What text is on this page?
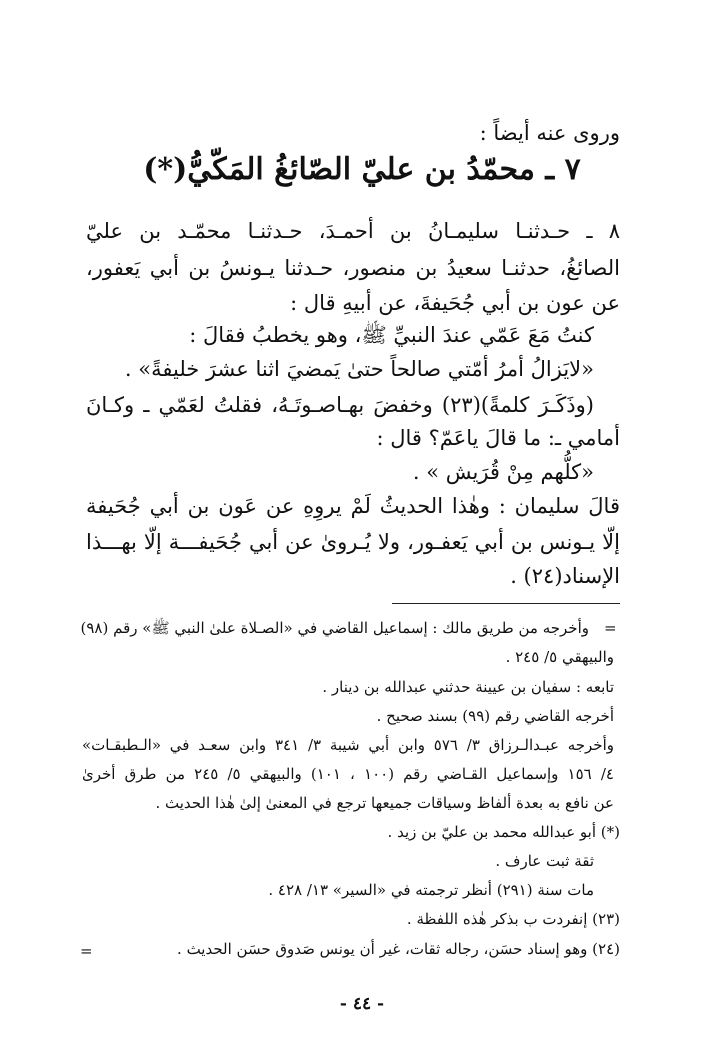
وروى عنه أيضاً :
٧ ـ محمّدُ بن عليّ الصّائغُ المَكّيُّ(*)
٨ ـ حـدثنـا سليمـانُ بن أحمـدَ، حـدثنـا محمّـد بن عليّ
الصائغُ، حدثنـا سعيدُ بن منصور، حـدثنا يـونسُ بن أبي يَعفور،
عن عون بن أبي جُحَيفةَ، عن أبيهِ قال :
كنتُ مَعَ عَمّي عندَ النبيِّ ﷺ، وهو يخطبُ فقالَ :
«لايَزالُ أمرُ أمّتي صالحاً حتىٰ يَمضيَ اثنا عشرَ خليفةً» .
(وذَكَـرَ كلمةً)(٢٣) وخفضَ بهـاصـوتَـهُ، فقلتُ لعَمّي ـ وكـانَ
أمامي ـ: ما قالَ ياعَمّ؟ قال :
«كلُّهم مِنْ قُرَيش » .
قالَ سليمان : وهٰذا الحديثُ لَمْ يروِهِ عن عَون بن أبي جُحَيفة
إلّا يـونس بن أبي يَعفـور، ولا يُـروىٰ عن أبي جُحَيفـــة إلّا بهـــذا
الإسناد(٢٤) .
=
وأخرجه من طريق مالك : إسماعيل القاضي في «الصـلاة علىٰ النبي ﷺ» رقم (٩٨)
والبيهقي ٥/ ٢٤٥ .
تابعه : سفيان بن عيينة حدثني عبدالله بن دينار .
أخرجه القاضي رقم (٩٩) بسند صحيح .
وأخرجه عبـدالـرزاق ٣/ ٥٧٦ وابن أبي شيبة ٣/ ٣٤١ وابن سعـد في «الـطبقـات»
٤/ ١٥٦ وإسماعيل القـاضي رقم (١٠٠ ، ١٠١) والبيهقي ٥/ ٢٤٥ من طرق أخرىٰ
عن نافع به بعدة ألفاظ وسياقات جميعها ترجع في المعنىٰ إلىٰ هٰذا الحديث .
(*) أبو عبدالله محمد بن عليّ بن زيد .
ثقة ثبت عارف .
مات سنة (٢٩١) أنظر ترجمته في «السير» ١٣/ ٤٢٨ .
(٢٣) إنفردت ب بذكر هٰذه اللفظة .
(٢٤) وهو إسناد حسَن، رجاله ثقات، غير أن يونس صَدوق حسَن الحديث .
=
- ٤٤ -
